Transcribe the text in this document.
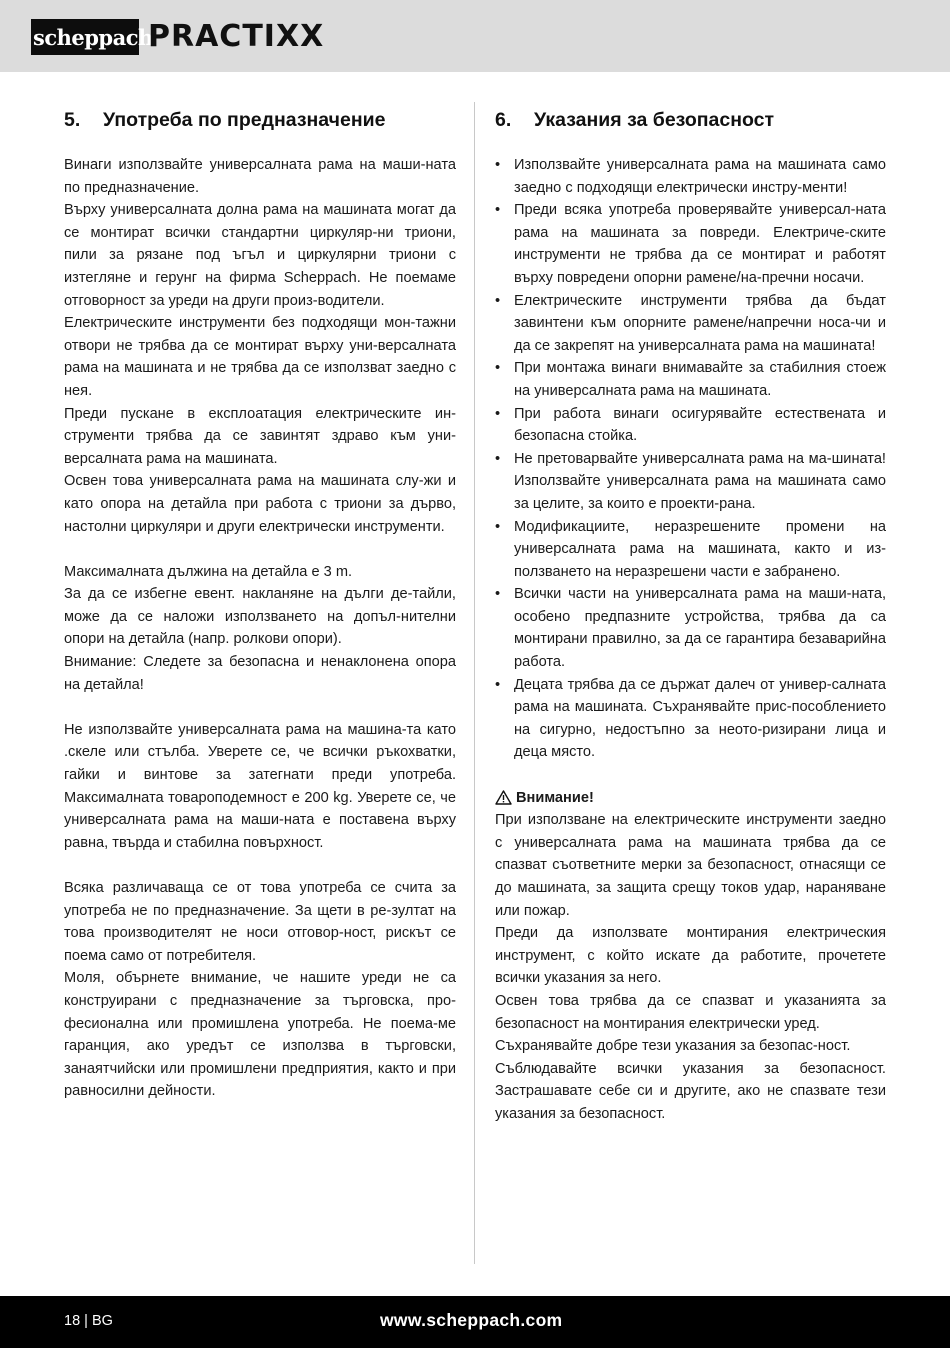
scheppach
PRACTIXX
5.	Употреба по предназначение

Винаги използвайте универсалната рама на маши-ната по предназначение.

Върху универсалната долна рама на машината могат да се монтират всички стандартни циркуляр-ни триони, пили за рязане под ъгъл и циркулярни триони с изтегляне и герунг на фирма Scheppach. Не поемаме отговорност за уреди на други произ-водители.

Електрическите инструменти без подходящи мон-тажни отвори не трябва да се монтират върху уни-версалната рама на машината и не трябва да се използват заедно с нея.

Преди пускане в експлоатация електрическите ин-струменти трябва да се завинтят здраво към уни-версалната рама на машината.

Освен това универсалната рама на машината слу-жи и като опора на детайла при работа с триони за дърво, настолни циркуляри и други електрически инструменти.

Максималната дължина на детайла е 3 m.

За да се избегне евент. накланяне на дълги де-тайли, може да се наложи използването на допъл-нителни опори на детайла (напр. ролкови опори).

Внимание: Следете за безопасна и ненаклонена опора на детайла!

Не използвайте универсалната рама на машина-та като .скеле или стълба. Уверете се, че всички ръкохватки, гайки и винтове за затегнати преди употреба. Максималната товароподемност е 200 kg. Уверете се, че универсалната рама на маши-ната е поставена върху равна, твърда и стабилна повърхност.

Всяка различаваща се от това употреба се счита за употреба не по предназначение. За щети в ре-зултат на това производителят не носи отговор-ност, рискът се поема само от потребителя.

Моля, обърнете внимание, че нашите уреди не са конструирани с предназначение за търговска, про-фесионална или промишлена употреба. Не поема-ме гаранция, ако уредът се използва в търговски, занаятчийски или промишлени предприятия, както и при равносилни дейности.

6.	Указания за безопасност
• Използвайте универсалната рама на машината само заедно с подходящи електрически инстру-менти!
• Преди всяка употреба проверявайте универсал-ната рама на машината за повреди. Електриче-ските инструменти не трябва да се монтират и работят върху повредени опорни рамене/на-пречни носачи.
• Електрическите инструменти трябва да бъдат завинтени към опорните рамене/напречни носа-чи и да се закрепят на универсалната рама на машината!
• При монтажа винаги внимавайте за стабилния стоеж на универсалната рама на машината.
• При работа винаги осигурявайте естествената и безопасна стойка.
• Не претоварвайте универсалната рама на ма-шината! Използвайте универсалната рама на машината само за целите, за които е проекти-рана.
• Модификациите, неразрешените промени на универсалната рама на машината, както и из-ползването на неразрешени части е забранено.
• Всички части на универсалната рама на маши-ната, особено предпазните устройства, трябва да са монтирани правилно, за да се гарантира безаварийна работа.
• Децата трябва да се държат далеч от универ-салната рама на машината. Съхранявайте прис-пособлението на сигурно, недостъпно за неото-ризирани лица и деца място.
Внимание!

При използване на електрическите инструменти заедно с универсалната рама на машината трябва да се спазват съответните мерки за безопасност, отнасящи се до машината, за защита срещу токов удар, нараняване или пожар.

Преди да използвате монтирания електрическия инструмент, с който искате да работите, прочетете всички указания за него.

Освен това трябва да се спазват и указанията за безопасност на монтирания електрически уред.

Съхранявайте добре тези указания за безопас-ност.

Съблюдавайте всички указания за безопасност. Застрашавате себе си и другите, ако не спазвате тези указания за безопасност.

18 | BG	www.scheppach.com
